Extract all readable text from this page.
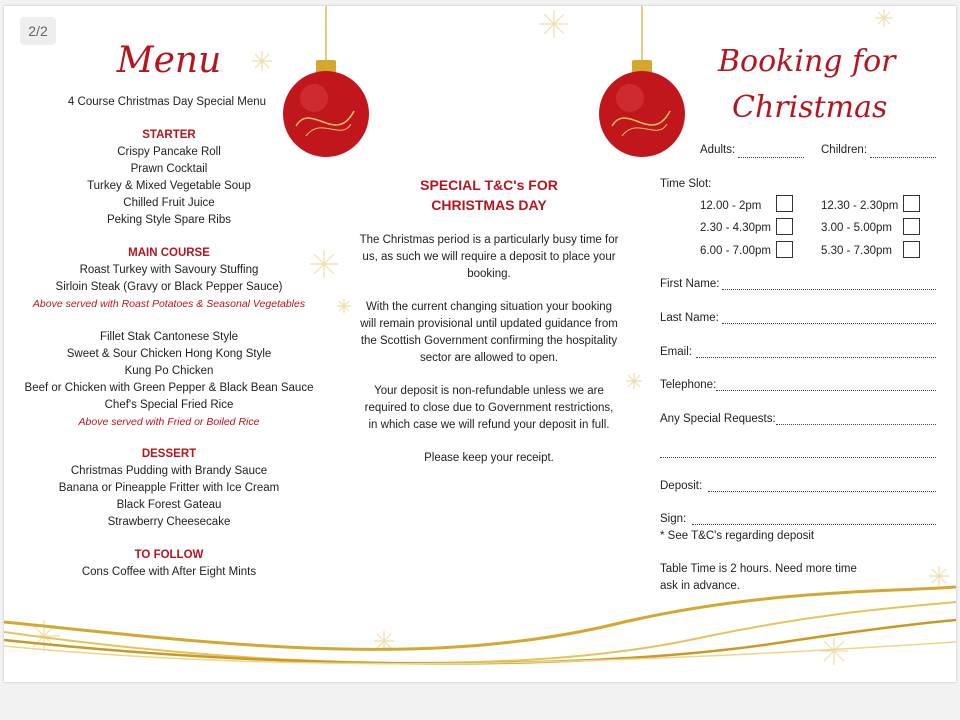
Menu
4 Course Christmas Day Special Menu
STARTER
Crispy Pancake Roll
Prawn Cocktail
Turkey & Mixed Vegetable Soup
Chilled Fruit Juice
Peking Style Spare Ribs
MAIN COURSE
Roast Turkey with Savoury Stuffing
Sirloin Steak (Gravy or Black Pepper Sauce)
Above served with Roast Potatoes & Seasonal Vegetables
Fillet Stak Cantonese Style
Sweet & Sour Chicken Hong Kong Style
Kung Po Chicken
Beef or Chicken with Green Pepper & Black Bean Sauce
Chef's Special Fried Rice
Above served with Fried or Boiled Rice
DESSERT
Christmas Pudding with Brandy Sauce
Banana or Pineapple Fritter with Ice Cream
Black Forest Gateau
Strawberry Cheesecake
TO FOLLOW
Cons Coffee with After Eight Mints
SPECIAL T&C's FOR
CHRISTMAS DAY
The Christmas period is a particularly busy time for
us, as such we will require a deposit to place your
booking.
With the current changing situation your booking
will remain provisional until updated guidance from
the Scottish Government confirming the hospitality
sector are allowed to open.
Your deposit is non-refundable unless we are
required to close due to Government restrictions,
in which case we will refund your deposit in full.
Please keep your receipt.
Booking for
Christmas
Adults:	Children:
Time Slot:
12.00 - 2pm	12.30 - 2.30pm
2.30 - 4.30pm	3.00 - 5.00pm
6.00 - 7.00pm	5.30 - 7.30pm
First Name:
Last Name:
Email:
Telephone:
Any Special Requests:
Deposit:
Sign:
* See T&C's regarding deposit
Table Time is 2 hours. Need more time
ask in advance.
2/2
